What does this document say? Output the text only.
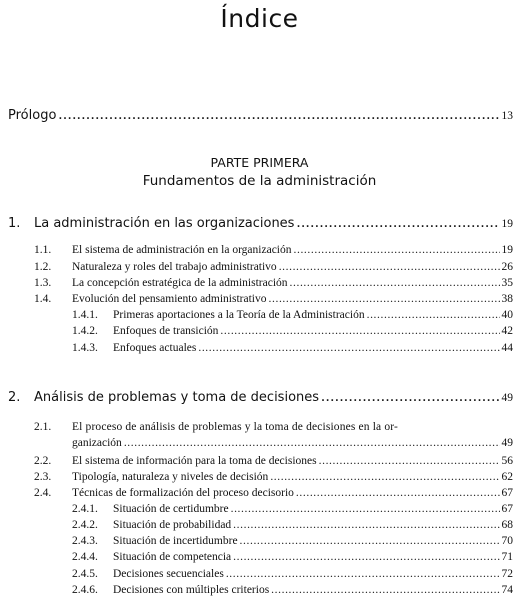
Índice
Prólogo .....	13
PARTE PRIMERA
Fundamentos de la administración
1.	La administración en las organizaciones .....	19
1.1.	El sistema de administración en la organización .....	19
1.2.	Naturaleza y roles del trabajo administrativo .....	26
1.3.	La concepción estratégica de la administración .....	35
1.4.	Evolución del pensamiento administrativo .....	38
1.4.1.	Primeras aportaciones a la Teoría de la Administración .....	40
1.4.2.	Enfoques de transición .....	42
1.4.3.	Enfoques actuales .....	44
2.	Análisis de problemas y toma de decisiones .....	49
2.1. El proceso de análisis de problemas y la toma de decisiones en la or-
ganización .....	49
2.2.	El sistema de información para la toma de decisiones .....	56
2.3.	Tipología, naturaleza y niveles de decisión .....	62
2.4.	Técnicas de formalización del proceso decisorio .....	67
2.4.1.	Situación de certidumbre .....	67
2.4.2.	Situación de probabilidad .....	68
2.4.3.	Situación de incertidumbre .....	70
2.4.4.	Situación de competencia .....	71
2.4.5.	Decisiones secuenciales .....	72
2.4.6.	Decisiones con múltiples criterios .....	74
